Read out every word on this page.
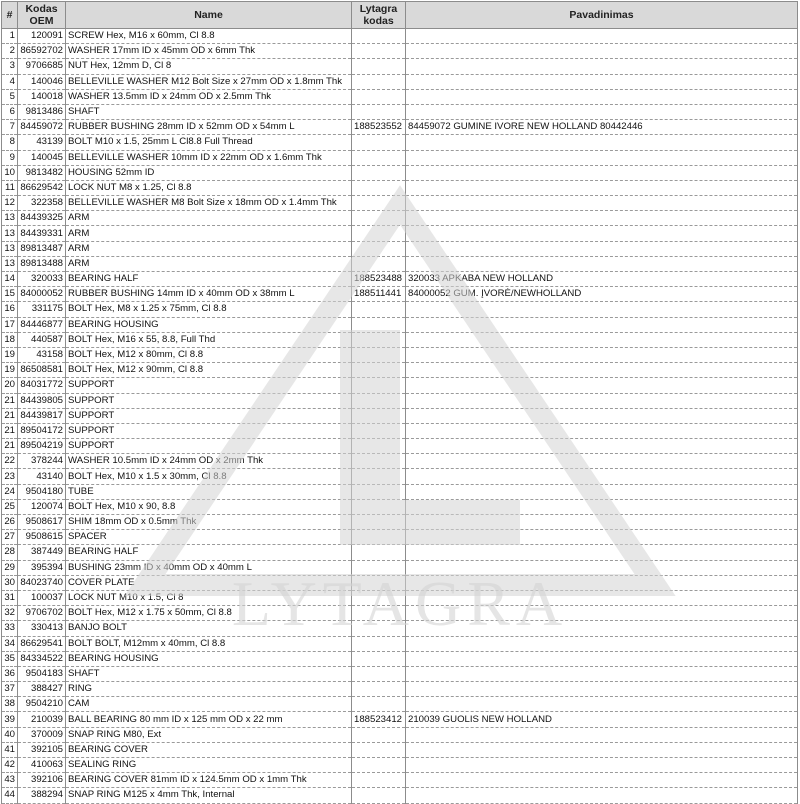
#	Kodas OEM	Name	Lytagra kodas	Pavadinimas
1	120091	SCREW Hex, M16 x 60mm, Cl 8.8		
2	86592702	WASHER 17mm ID x 45mm OD x 6mm Thk		
3	9706685	NUT Hex, 12mm D, Cl 8		
4	140046	BELLEVILLE WASHER M12 Bolt Size x 27mm OD x 1.8mm Thk		
5	140018	WASHER 13.5mm ID x 24mm OD x 2.5mm Thk		
6	9813486	SHAFT		
7	84459072	RUBBER BUSHING 28mm ID x 52mm OD x 54mm L	188523552	84459072 GUMINE IVORE NEW HOLLAND 80442446
8	43139	BOLT M10 x 1.5, 25mm L Cl8.8 Full Thread		
9	140045	BELLEVILLE WASHER 10mm ID x 22mm OD x 1.6mm Thk		
10	9813482	HOUSING 52mm ID		
11	86629542	LOCK NUT M8 x 1.25, Cl 8.8		
12	322358	BELLEVILLE WASHER M8 Bolt Size x 18mm OD x 1.4mm Thk		
13	84439325	ARM		
13	84439331	ARM		
13	89813487	ARM		
13	89813488	ARM		
14	320033	BEARING HALF	188523488	320033 APKABA NEW HOLLAND
15	84000052	RUBBER BUSHING 14mm ID x 40mm OD x 38mm L	188511441	84000052 GUM. ĮVORĖ/NEWHOLLAND
16	331175	BOLT Hex, M8 x 1.25 x 75mm, Cl 8.8		
17	84446877	BEARING HOUSING		
18	440587	BOLT Hex, M16 x 55, 8.8, Full Thd		
19	43158	BOLT Hex, M12 x 80mm, Cl 8.8		
19	86508581	BOLT Hex, M12 x 90mm, Cl 8.8		
20	84031772	SUPPORT		
21	84439805	SUPPORT		
21	84439817	SUPPORT		
21	89504172	SUPPORT		
21	89504219	SUPPORT		
22	378244	WASHER 10.5mm ID x 24mm OD x 2mm Thk		
23	43140	BOLT Hex, M10 x 1.5 x 30mm, Cl 8.8		
24	9504180	TUBE		
25	120074	BOLT Hex, M10 x 90, 8.8		
26	9508617	SHIM 18mm OD x 0.5mm Thk		
27	9508615	SPACER		
28	387449	BEARING HALF		
29	395394	BUSHING 23mm ID x 40mm OD x 40mm L		
30	84023740	COVER PLATE		
31	100037	LOCK NUT M10 x 1.5, Cl 8		
32	9706702	BOLT Hex, M12 x 1.75 x 50mm, Cl 8.8		
33	330413	BANJO BOLT		
34	86629541	BOLT BOLT, M12mm x 40mm, Cl 8.8		
35	84334522	BEARING HOUSING		
36	9504183	SHAFT		
37	388427	RING		
38	9504210	CAM		
39	210039	BALL BEARING 80 mm ID x 125 mm OD x 22 mm	188523412	210039 GUOLIS NEW HOLLAND
40	370009	SNAP RING M80, Ext		
41	392105	BEARING COVER		
42	410063	SEALING RING		
43	392106	BEARING COVER 81mm ID x 124.5mm OD x 1mm Thk		
44	388294	SNAP RING M125 x 4mm Thk, Internal		
LYTAGRA
